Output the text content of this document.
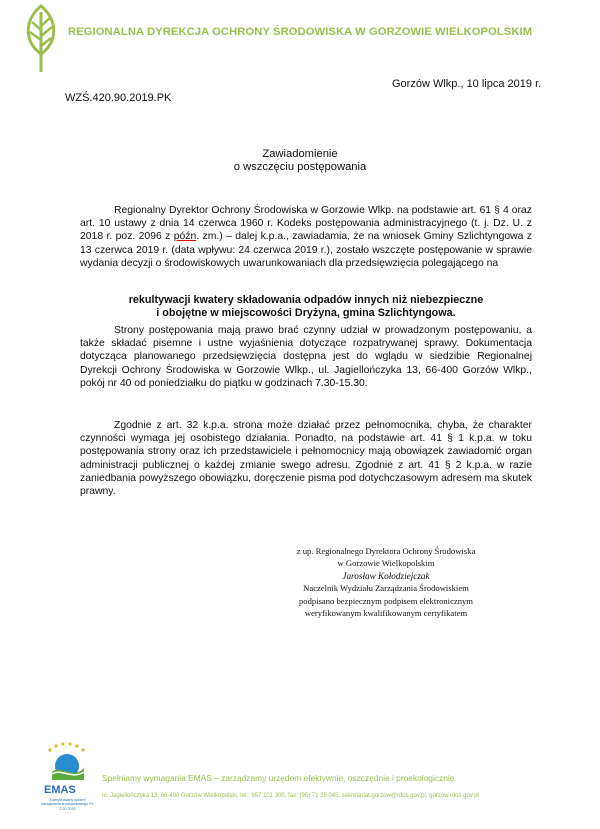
REGIONALNA DYREKCJA OCHRONY ŚRODOWISKA W GORZOWIE WIELKOPOLSKIM
Gorzów Wlkp., 10 lipca 2019 r.
WZŚ.420.90.2019.PK
Zawiadomienie
o wszczęciu postępowania

Regionalny Dyrektor Ochrony Środowiska w Gorzowie Wlkp. na podstawie art. 61 § 4 oraz art. 10 ustawy z dnia 14 czerwca 1960 r. Kodeks postępowania administracyjnego (t. j. Dz. U. z 2018 r. poz. 2096 z późn. zm.) – dalej k.p.a., zawiadamia, że na wniosek Gminy Szlichtyngowa z 13 czerwca 2019 r. (data wpływu: 24 czerwca 2019 r.), zostało wszczęte postępowanie w sprawie wydania decyzji o środowiskowych uwarunkowaniach dla przedsięwzięcia polegającego na

rekultywacji kwatery składowania odpadów innych niż niebezpieczne
i obojętne w miejscowości Dryżyna, gmina Szlichtyngowa.

Strony postępowania mają prawo brać czynny udział w prowadzonym postępowaniu, a także składać pisemne i ustne wyjaśnienia dotyczące rozpatrywanej sprawy. Dokumentacja dotycząca planowanego przedsięwzięcia dostępna jest do wglądu w siedzibie Regionalnej Dyrekcji Ochrony Środowiska w Gorzowie Wlkp., ul. Jagiellończyka 13, 66-400 Gorzów Wlkp., pokój nr 40 od poniedziałku do piątku w godzinach 7.30-15.30.

Zgodnie z art. 32 k.p.a. strona może działać przez pełnomocnika, chyba, że charakter czynności wymaga jej osobistego działania. Ponadto, na podstawie art. 41 § 1 k.p.a. w toku postępowania strony oraz ich przedstawiciele i pełnomocnicy mają obowiązek zawiadomić organ administracji publicznej o każdej zmianie swego adresu. Zgodnie z art. 41 § 2 k.p.a. w razie zaniedbania powyższego obowiązku, doręczenie pisma pod dotychczasowym adresem ma skutek prawny.

z up. Regionalnego Dyrektora Ochrony Środowiska
w Gorzowie Wielkopolskim
Jarosław Kołodziejczak
Naczelnik Wydziału Zarządzania Środowiskiem
podpisano bezpiecznym podpisem elektronicznym
weryfikowanym kwalifikowanym certyfikatem
EMAS
Zweryfikowany system zarządzania środowiskowego PL 2.20 2019
Spełniamy wymagania EMAS – zarządzamy urzędem efektywnie, oszczędnie i proekologicznie
ul. Jagiellończyka 13, 66-400 Gorzów Wielkopolski, tel.: 957 101 300, fax: (95) 71 25 045, sekretariat.gorzow@rdos.gov.pl, gorzow.rdos.gov.pl
